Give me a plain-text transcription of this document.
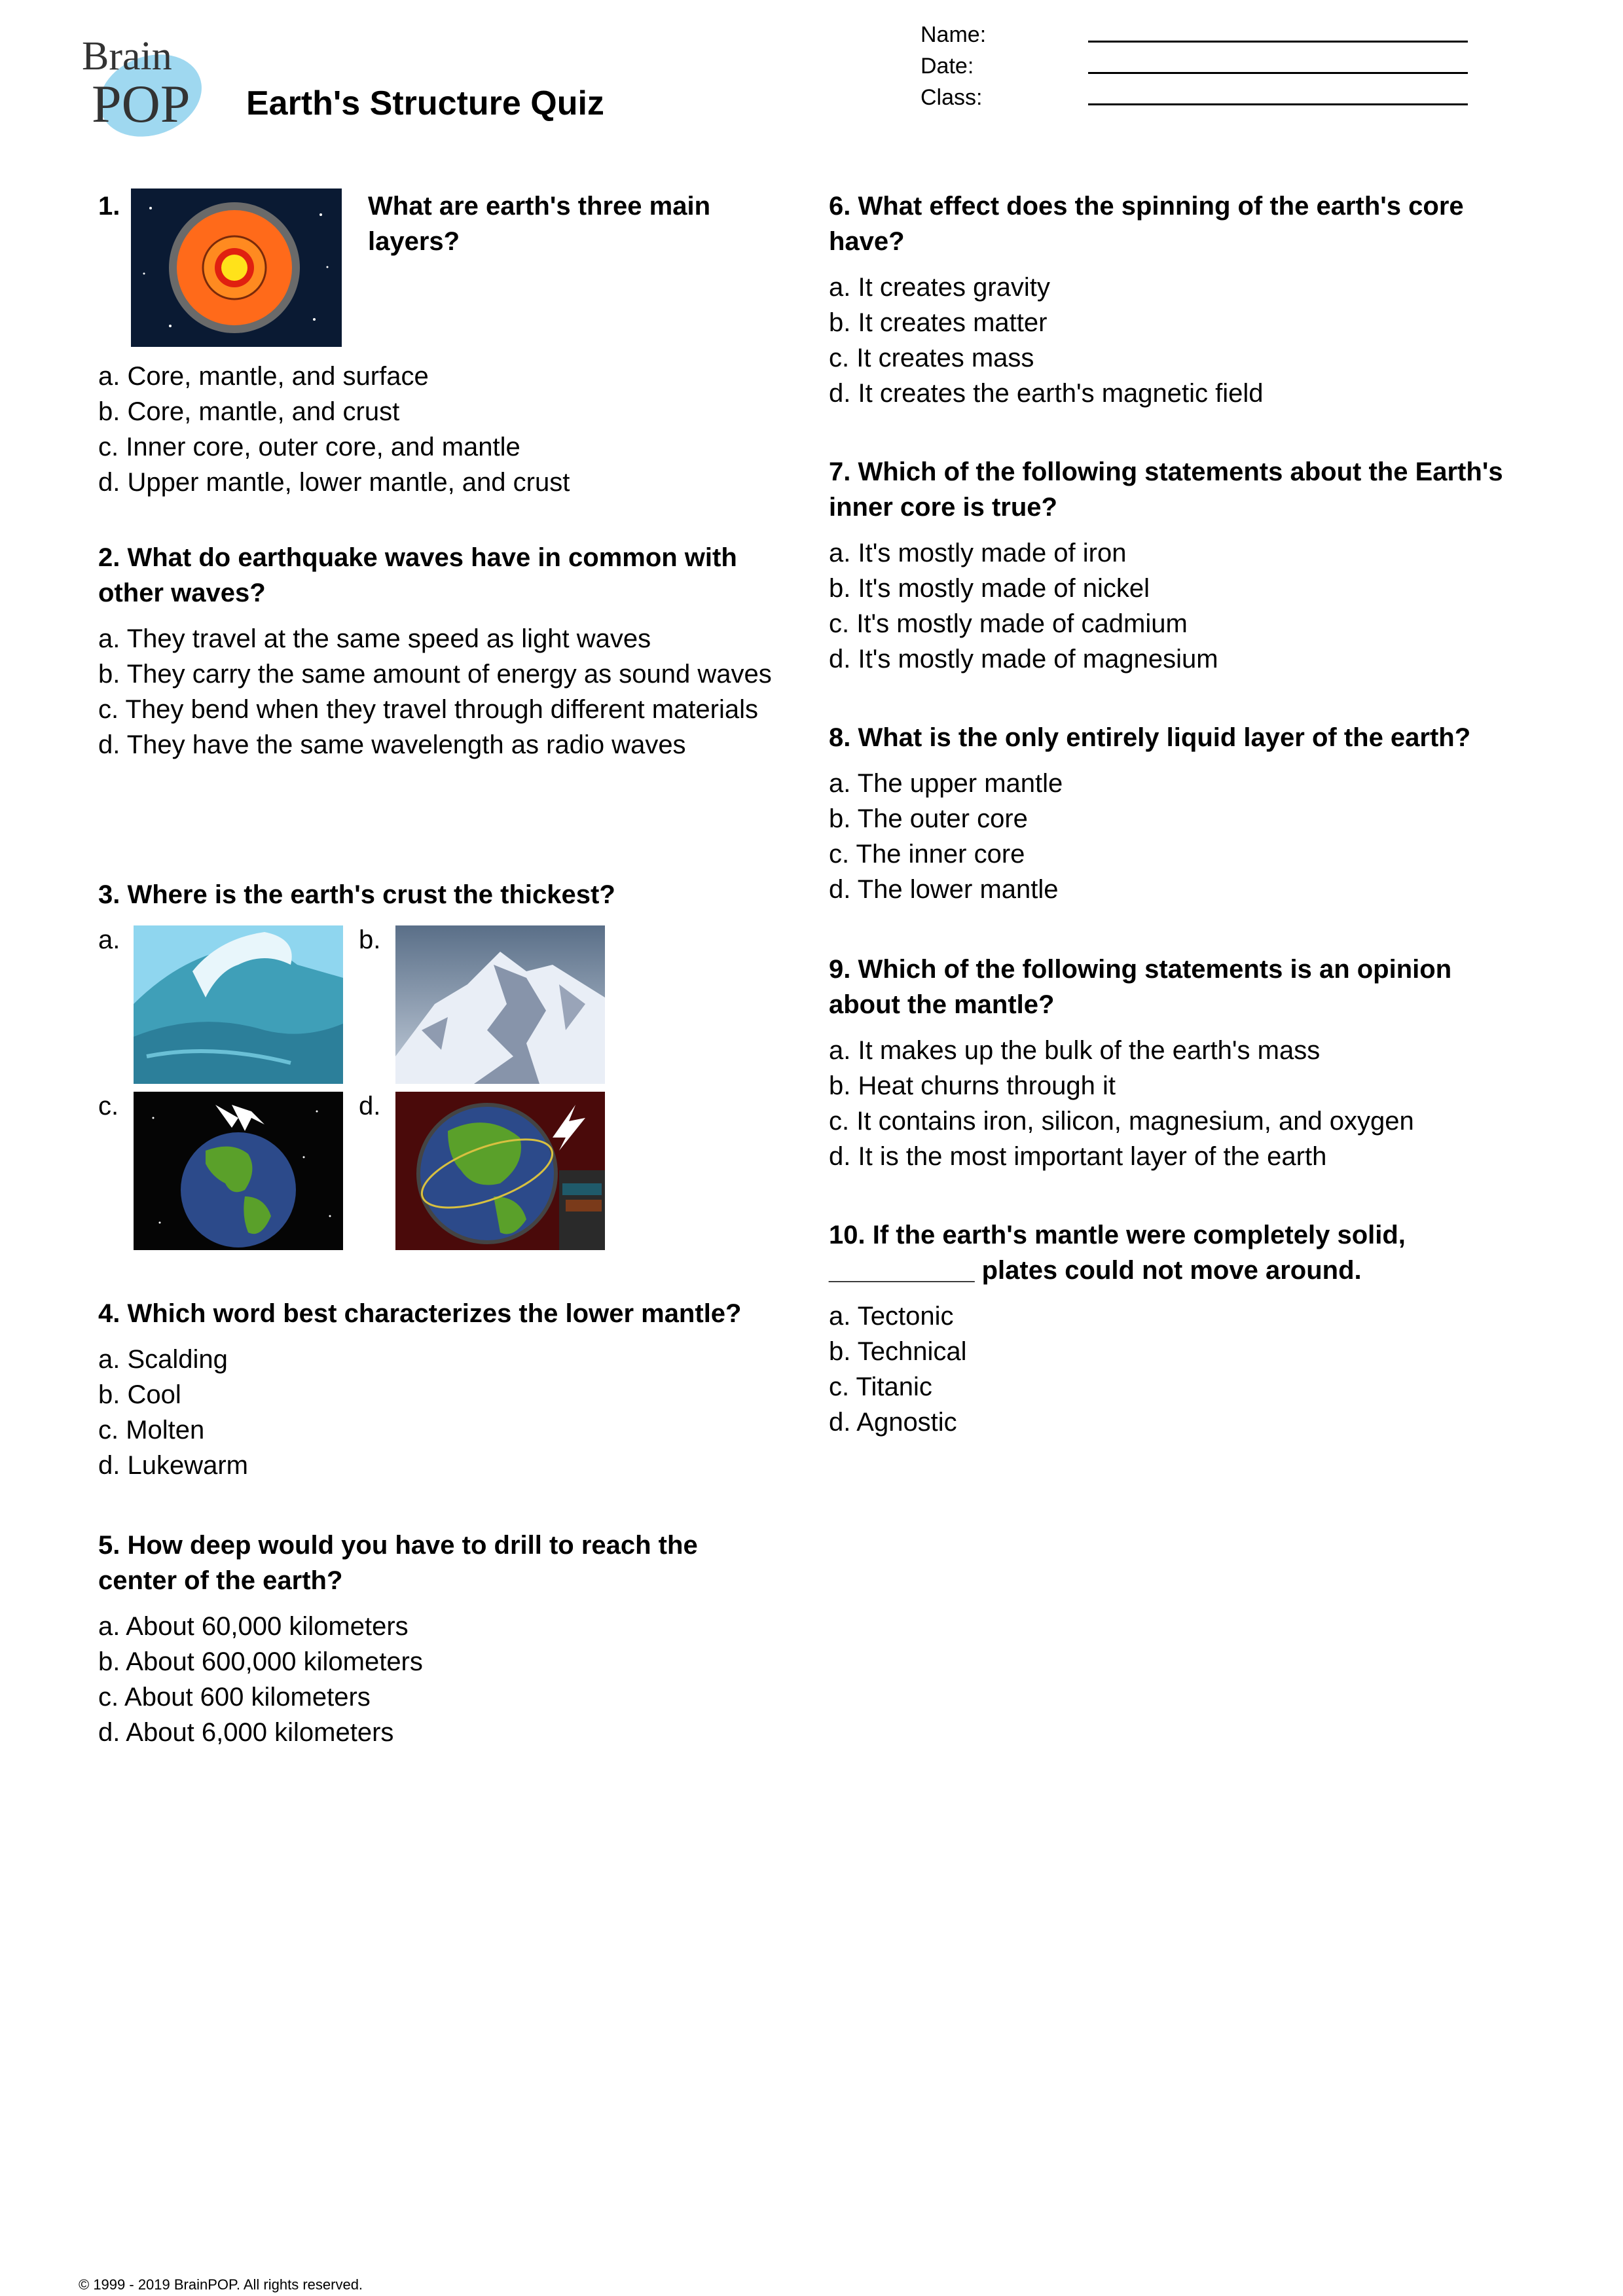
Brain
POP Earth's Structure Quiz
Name:
Date:
Class:
1.	What are earth's three main layers?
a. Core, mantle, and surface
b. Core, mantle, and crust
c. Inner core, outer core, and mantle
d. Upper mantle, lower mantle, and crust
2. What do earthquake waves have in common with other waves?
a. They travel at the same speed as light waves
b. They carry the same amount of energy as sound waves
c. They bend when they travel through different materials
d. They have the same wavelength as radio waves
3. Where is the earth's crust the thickest?
a.	b.
c.	d.
4. Which word best characterizes the lower mantle?
a. Scalding
b. Cool
c. Molten
d. Lukewarm
5. How deep would you have to drill to reach the center of the earth?
a. About 60,000 kilometers
b. About 600,000 kilometers
c. About 600 kilometers
d. About 6,000 kilometers
6. What effect does the spinning of the earth's core have?
a. It creates gravity
b. It creates matter
c. It creates mass
d. It creates the earth's magnetic field
7. Which of the following statements about the Earth's inner core is true?
a. It's mostly made of iron
b. It's mostly made of nickel
c. It's mostly made of cadmium
d. It's mostly made of magnesium
8. What is the only entirely liquid layer of the earth?
a. The upper mantle
b. The outer core
c. The inner core
d. The lower mantle
9. Which of the following statements is an opinion about the mantle?
a. It makes up the bulk of the earth's mass
b. Heat churns through it
c. It contains iron, silicon, magnesium, and oxygen
d. It is the most important layer of the earth
10. If the earth's mantle were completely solid, __________ plates could not move around.
a. Tectonic
b. Technical
c. Titanic
d. Agnostic
© 1999 - 2019 BrainPOP. All rights reserved.
